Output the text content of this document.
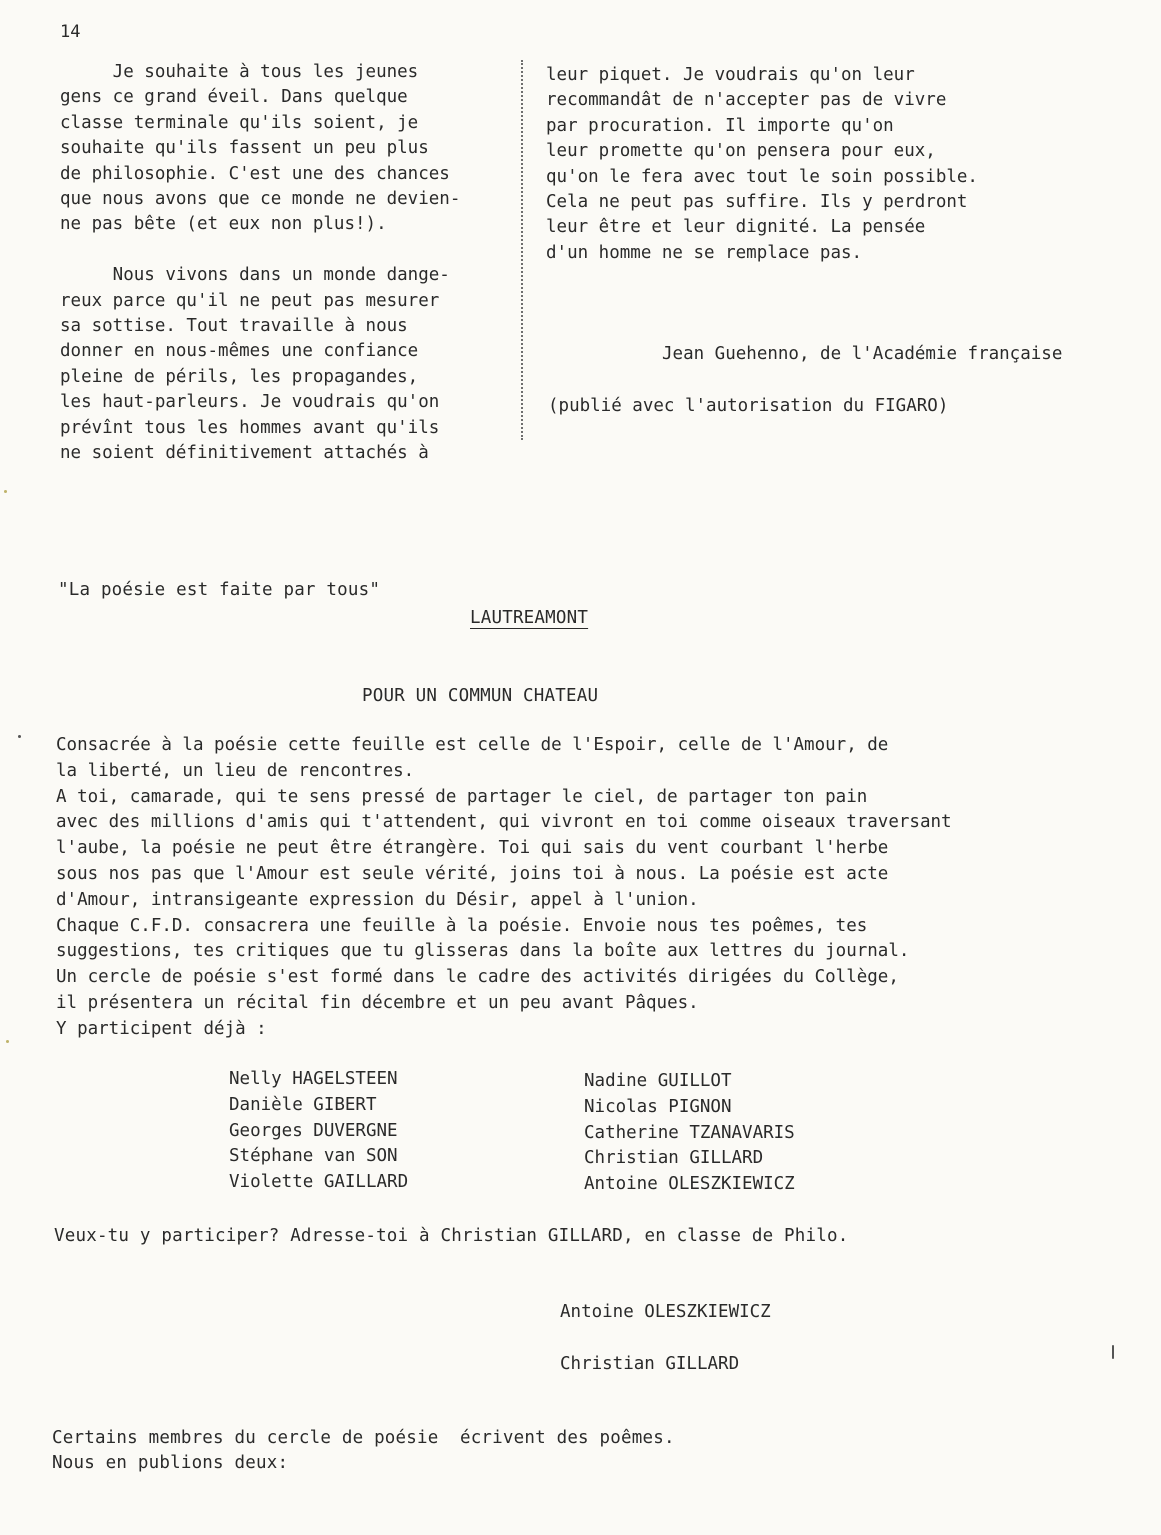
14
Je souhaite à tous les jeunes
gens ce grand éveil. Dans quelque
classe terminale qu'ils soient, je
souhaite qu'ils fassent un peu plus
de philosophie. C'est une des chances
que nous avons que ce monde ne devien-
ne pas bête (et eux non plus!).

Nous vivons dans un monde dange-
reux parce qu'il ne peut pas mesurer
sa sottise. Tout travaille à nous
donner en nous-mêmes une confiance
pleine de périls, les propagandes,
les haut-parleurs. Je voudrais qu'on
prévînt tous les hommes avant qu'ils
ne soient définitivement attachés à
leur piquet. Je voudrais qu'on leur
recommandât de n'accepter pas de vivre
par procuration. Il importe qu'on
leur promette qu'on pensera pour eux,
qu'on le fera avec tout le soin possible.
Cela ne peut pas suffire. Ils y perdront
leur être et leur dignité. La pensée
d'un homme ne se remplace pas.
Jean Guehenno, de l'Académie française
(publié avec l'autorisation du FIGARO)
"La poésie est faite par tous"
LAUTREAMONT
POUR UN COMMUN CHATEAU
Consacrée à la poésie cette feuille est celle de l'Espoir, celle de l'Amour, de
la liberté, un lieu de rencontres.
A toi, camarade, qui te sens pressé de partager le ciel, de partager ton pain
avec des millions d'amis qui t'attendent, qui vivront en toi comme oiseaux traversant
l'aube, la poésie ne peut être étrangère. Toi qui sais du vent courbant l'herbe
sous nos pas que l'Amour est seule vérité, joins toi à nous. La poésie est acte
d'Amour, intransigeante expression du Désir, appel à l'union.
Chaque C.F.D. consacrera une feuille à la poésie. Envoie nous tes poêmes, tes
suggestions, tes critiques que tu glisseras dans la boîte aux lettres du journal.
Un cercle de poésie s'est formé dans le cadre des activités dirigées du Collège,
il présentera un récital fin décembre et un peu avant Pâques.
Y participent déjà :
Nelly HAGELSTEEN
Danièle GIBERT
Georges DUVERGNE
Stéphane van SON
Violette GAILLARD
Nadine GUILLOT
Nicolas PIGNON
Catherine TZANAVARIS
Christian GILLARD
Antoine OLESZKIEWICZ
Veux-tu y participer? Adresse-toi à Christian GILLARD, en classe de Philo.
Antoine OLESZKIEWICZ
Christian GILLARD
Certains membres du cercle de poésie  écrivent des poêmes.
Nous en publions deux:
